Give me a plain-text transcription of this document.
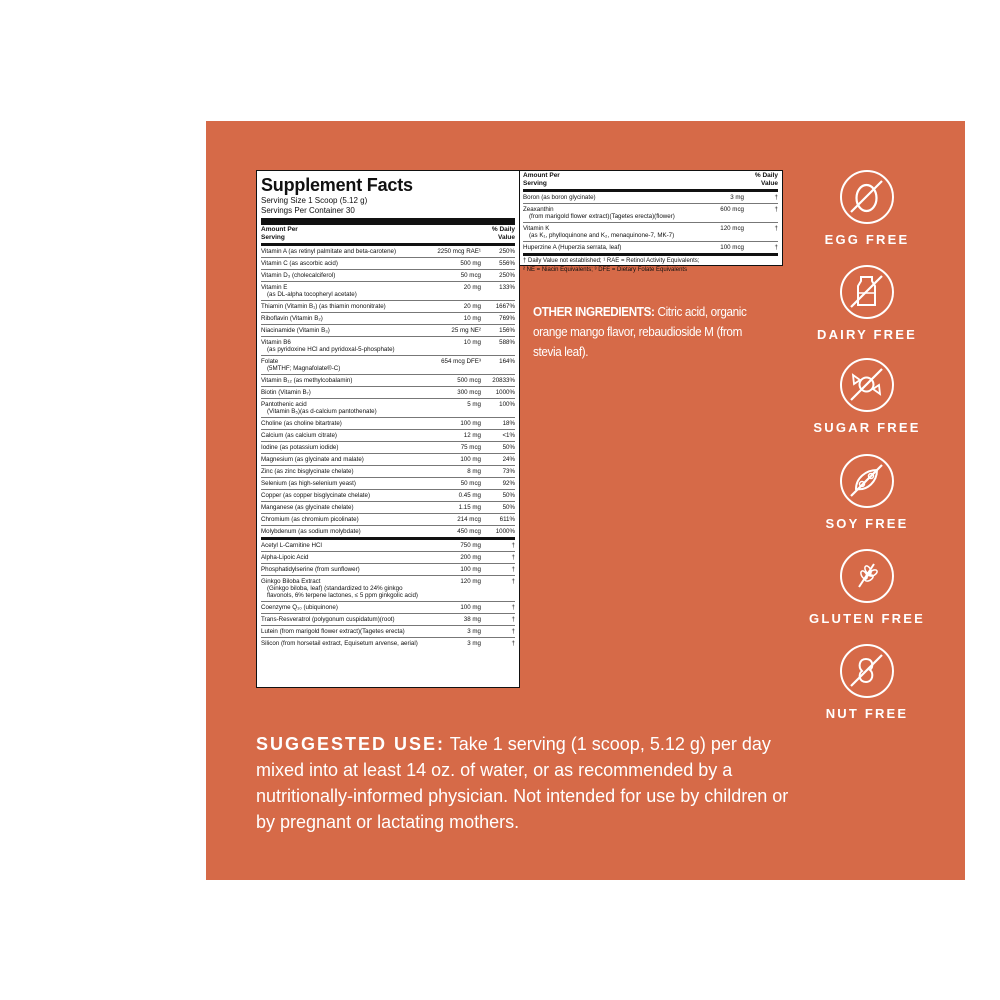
Supplement Facts
Serving Size 1 Scoop (5.12 g)
Servings Per Container 30
Amount Per Serving
% Daily Value
Vitamin A (as retinyl palmitate and beta-carotene)	2250 mcg RAE¹	250%
Vitamin C (as ascorbic acid)	500 mg	556%
Vitamin D₃ (cholecalciferol)	50 mcg	250%
Vitamin E
(as DL-alpha tocopheryl acetate)
20 mg	133%
Thiamin (Vitamin B₁) (as thiamin mononitrate)	20 mg	1667%
Riboflavin (Vitamin B₂)	10 mg	769%
Niacinamide (Vitamin B₃)	25 mg NE²	156%
Vitamin B6
(as pyridoxine HCl and pyridoxal-5-phosphate)
10 mg	588%
Folate
(5MTHF; Magnafolate®-C)
654 mcg DFE³	164%
Vitamin B₁₂ (as methylcobalamin)	500 mcg	20833%
Biotin (Vitamin B₇)	300 mcg	1000%
Pantothenic acid
(Vitamin B₅)(as d-calcium pantothenate)
5 mg	100%
Choline (as choline bitartrate)	100 mg	18%
Calcium (as calcium citrate)	12 mg	<1%
Iodine (as potassium iodide)	75 mcg	50%
Magnesium (as glycinate and malate)	100 mg	24%
Zinc (as zinc bisglycinate chelate)	8 mg	73%
Selenium (as high-selenium yeast)	50 mcg	92%
Copper (as copper bisglycinate chelate)	0.45 mg	50%
Manganese (as glycinate chelate)	1.15 mg	50%
Chromium (as chromium picolinate)	214 mcg	611%
Molybdenum (as sodium molybdate)	450 mcg	1000%
Acetyl L-Carnitine HCl	750 mg	†
Alpha-Lipoic Acid	200 mg	†
Phosphatidylserine (from sunflower)	100 mg	†
Ginkgo Biloba Extract
(Ginkgo biloba, leaf) (standardized to 24% ginkgo flavonols, 6% terpene lactones, ≤ 5 ppm ginkgolic acid)
120 mg	†
Coenzyme Q₁₀ (ubiquinone)	100 mg	†
Trans-Resveratrol (polygonum cuspidatum)(root)	38 mg	†
Lutein (from marigold flower extract)(Tagetes erecta)	3 mg	†
Silicon (from horsetail extract, Equisetum arvense, aerial)	3 mg	†
Amount Per Serving
% Daily Value
Boron (as boron glycinate)	3 mg	†
Zeaxanthin
(from marigold flower extract)(Tagetes erecta)(flower)
600 mcg	†
Vitamin K
(as K₁, phylloquinone and K₂, menaquinone-7, MK-7)
120 mcg	†
Huperzine A (Huperzia serrata, leaf)	100 mcg	†
† Daily Value not established; ¹ RAE = Retinol Activity Equivalents;
² NE = Niacin Equivalents; ³ DFE = Dietary Folate Equivalents
OTHER INGREDIENTS: Citric acid, organic orange mango flavor, rebaudioside M (from stevia leaf).
SUGGESTED USE: Take 1 serving (1 scoop, 5.12 g) per day mixed into at least 14 oz. of water, or as recommended by a nutritionally-informed physician. Not intended for use by children or by pregnant or lactating mothers.
EGG FREE
DAIRY FREE
SUGAR FREE
SOY FREE
GLUTEN FREE
NUT FREE
